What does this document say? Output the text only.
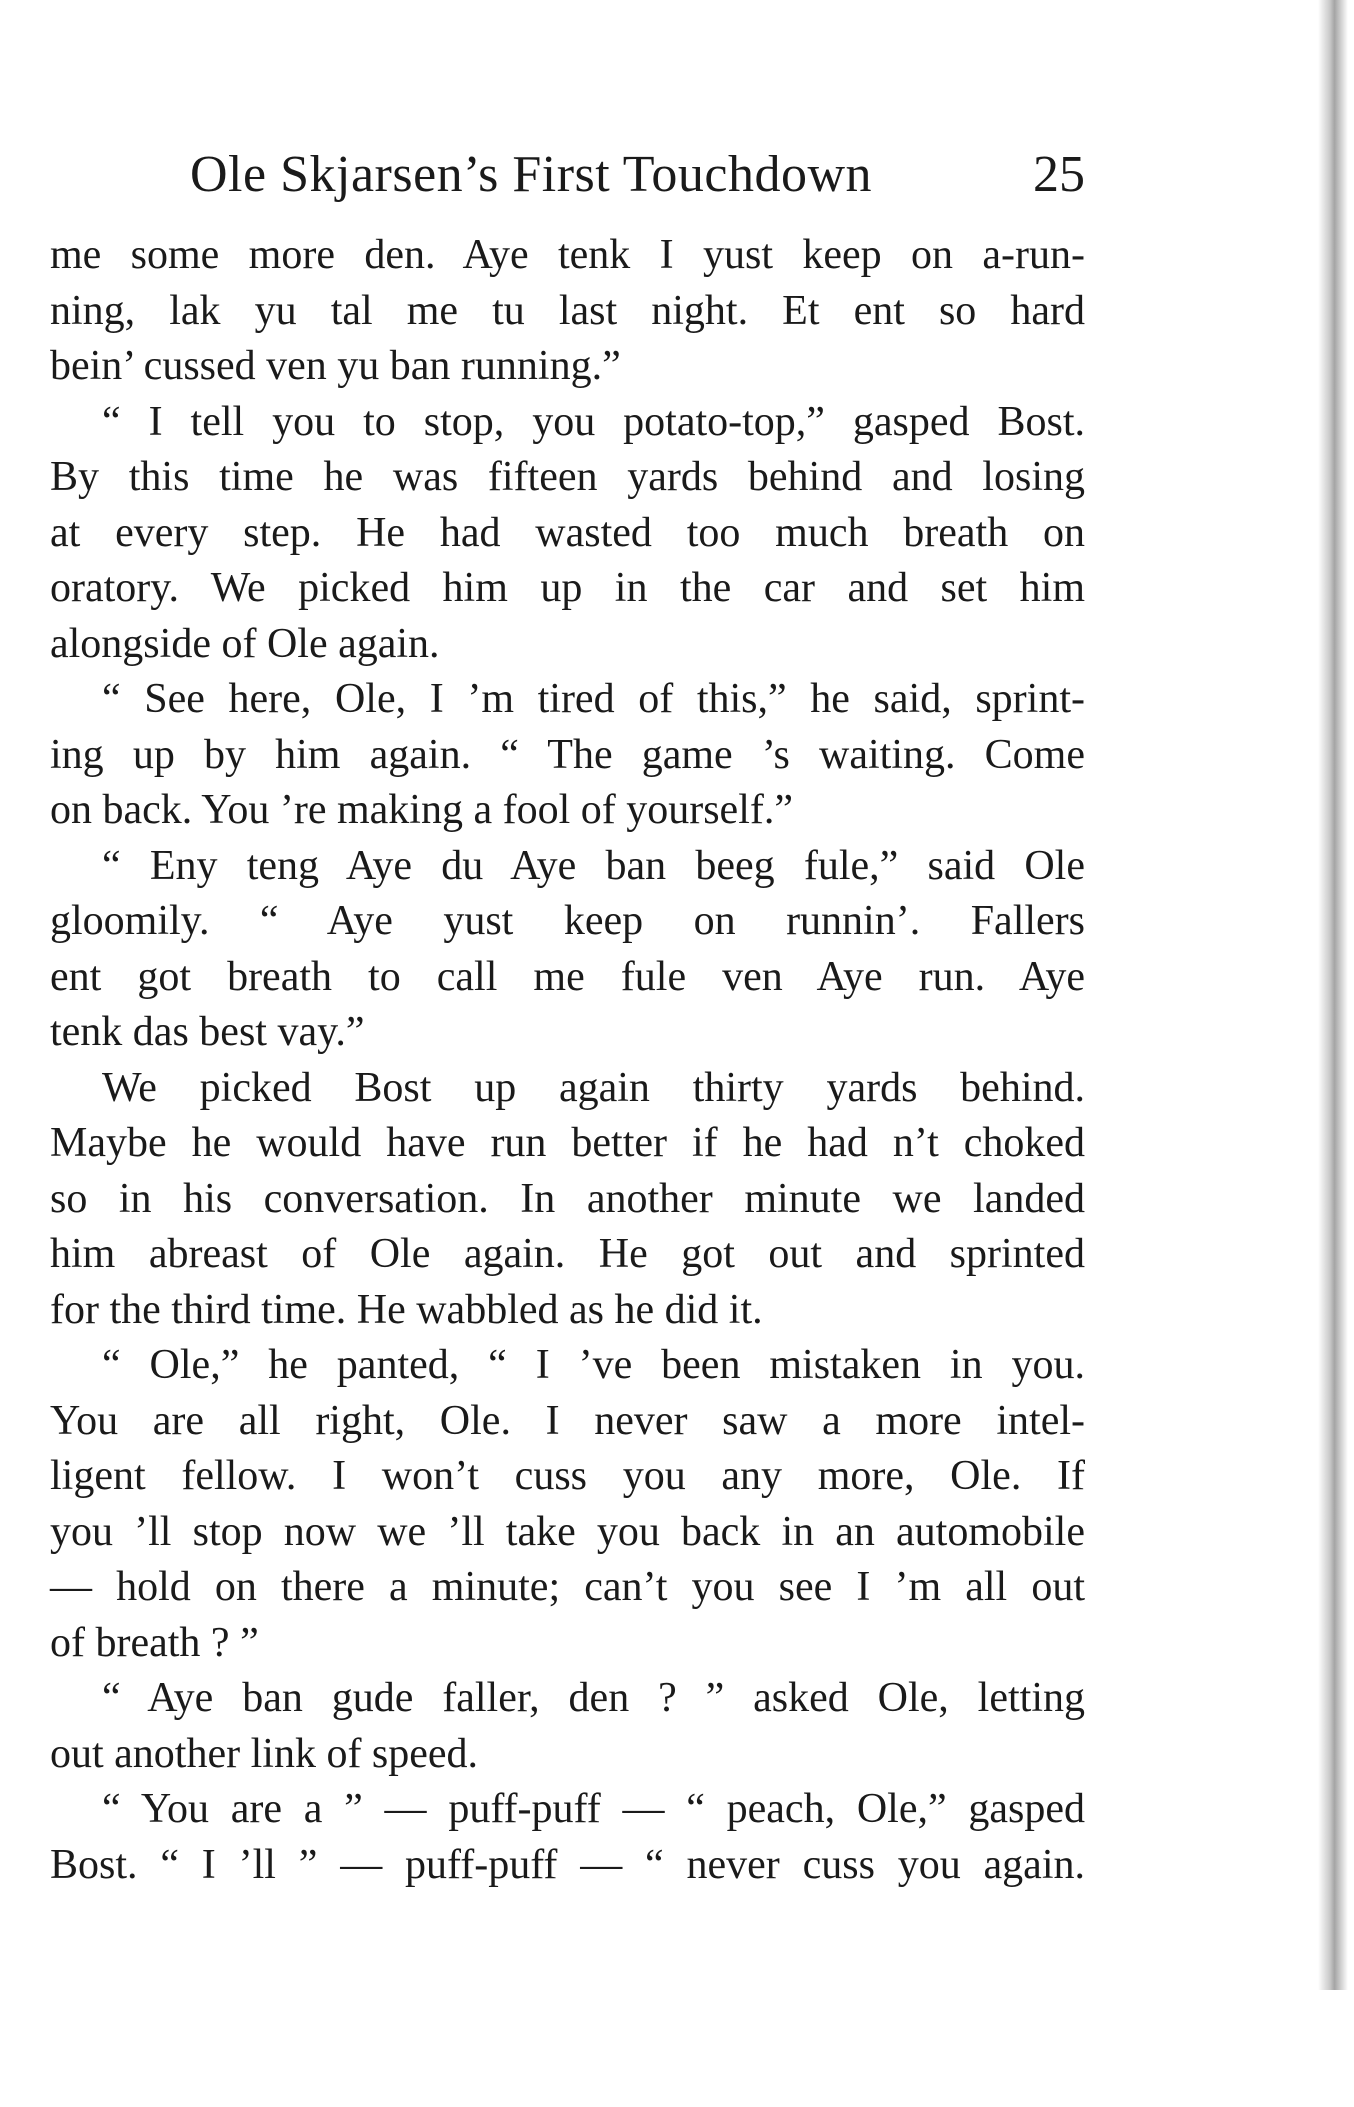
Ole Skjarsen’s First Touchdown	25
me some more den. Aye tenk I yust keep on a-run-
ning, lak yu tal me tu last night. Et ent so hard
bein’ cussed ven yu ban running.”
“ I tell you to stop, you potato-top,” gasped Bost.
By this time he was fifteen yards behind and losing
at every step. He had wasted too much breath on
oratory. We picked him up in the car and set him
alongside of Ole again.
“ See here, Ole, I ’m tired of this,” he said, sprint-
ing up by him again. “ The game ’s waiting. Come
on back. You ’re making a fool of yourself.”
“ Eny teng Aye du Aye ban beeg fule,” said Ole
gloomily. “ Aye yust keep on runnin’. Fallers
ent got breath to call me fule ven Aye run. Aye
tenk das best vay.”
We picked Bost up again thirty yards behind.
Maybe he would have run better if he had n’t choked
so in his conversation. In another minute we landed
him abreast of Ole again. He got out and sprinted
for the third time. He wabbled as he did it.
“ Ole,” he panted, “ I ’ve been mistaken in you.
You are all right, Ole. I never saw a more intel-
ligent fellow. I won’t cuss you any more, Ole. If
you ’ll stop now we ’ll take you back in an automobile
— hold on there a minute; can’t you see I ’m all out
of breath ? ”
“ Aye ban gude faller, den ? ” asked Ole, letting
out another link of speed.
“ You are a ” — puff-puff — “ peach, Ole,” gasped
Bost. “ I ’ll ” — puff-puff — “ never cuss you again.
